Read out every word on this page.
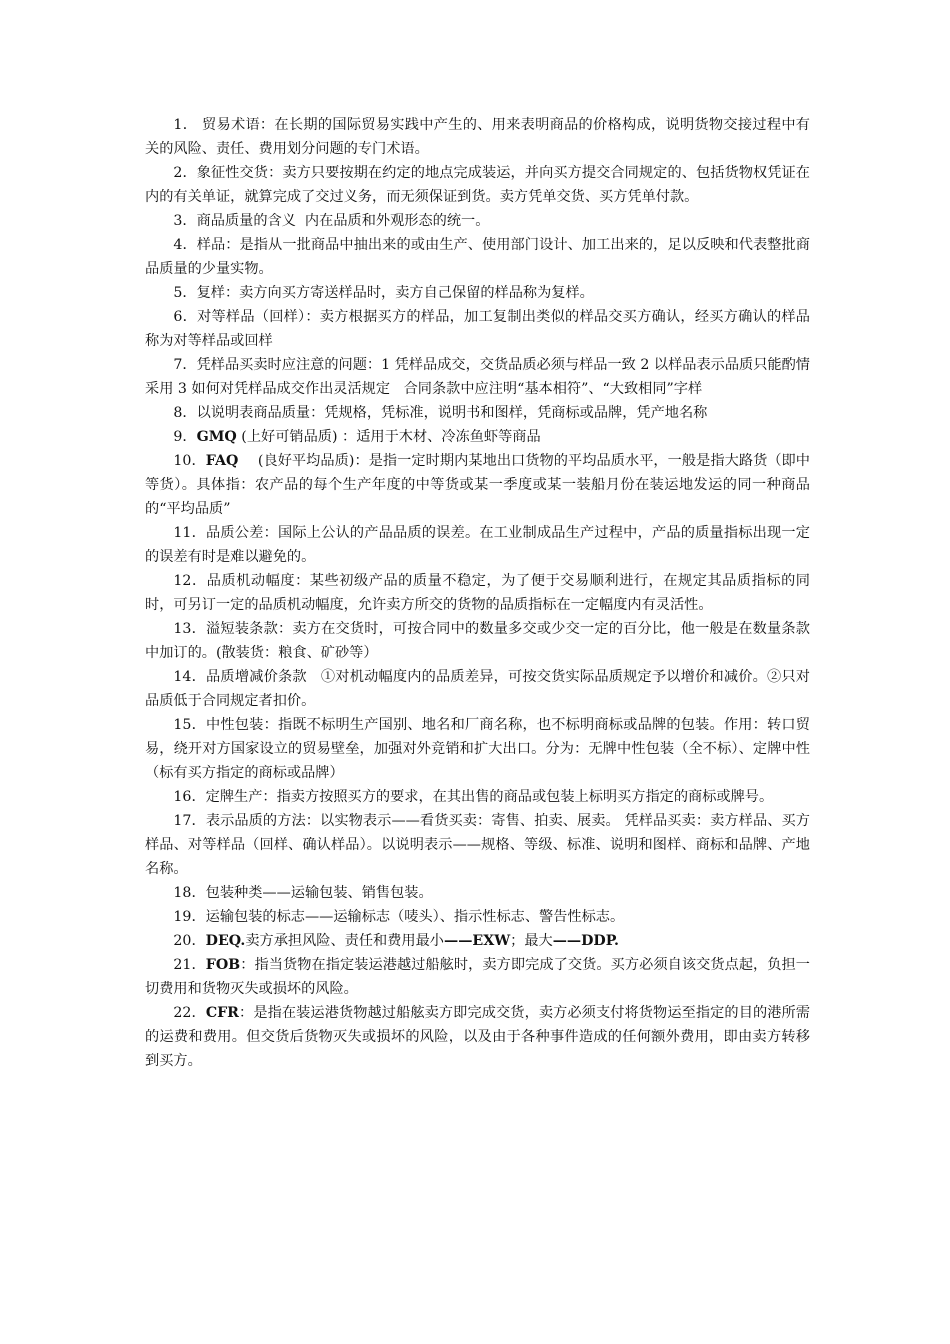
1． 贸易术语：在长期的国际贸易实践中产生的、用来表明商品的价格构成，说明货物交接过程中有关的风险、责任、费用划分问题的专门术语。

2．象征性交货：卖方只要按期在约定的地点完成装运，并向买方提交合同规定的、包括货物权凭证在内的有关单证，就算完成了交过义务，而无须保证到货。卖方凭单交货、买方凭单付款。

3．商品质量的含义  内在品质和外观形态的统一。

4．样品：是指从一批商品中抽出来的或由生产、使用部门设计、加工出来的，足以反映和代表整批商品质量的少量实物。

5．复样：卖方向买方寄送样品时，卖方自己保留的样品称为复样。

6．对等样品（回样）：卖方根据买方的样品，加工复制出类似的样品交买方确认，经买方确认的样品称为对等样品或回样

7．凭样品买卖时应注意的问题：1 凭样品成交，交货品质必须与样品一致 2 以样品表示品质只能酌情采用 3 如何对凭样品成交作出灵活规定   合同条款中应注明“基本相符”、“大致相同”字样

8．以说明表商品质量：凭规格，凭标准，说明书和图样，凭商标或品牌，凭产地名称

9．GMQ (上好可销品质) ：适用于木材、冷冻鱼虾等商品

10．FAQ    (良好平均品质)：是指一定时期内某地出口货物的平均品质水平，一般是指大路货（即中等货）。具体指：农产品的每个生产年度的中等货或某一季度或某一装船月份在装运地发运的同一种商品的“平均品质”

11．品质公差：国际上公认的产品品质的误差。在工业制成品生产过程中，产品的质量指标出现一定的误差有时是难以避免的。

12．品质机动幅度：某些初级产品的质量不稳定，为了便于交易顺利进行，在规定其品质指标的同时，可另订一定的品质机动幅度，允许卖方所交的货物的品质指标在一定幅度内有灵活性。

13．溢短装条款：卖方在交货时，可按合同中的数量多交或少交一定的百分比，他一般是在数量条款中加订的。(散装货：粮食、矿砂等）

14．品质增减价条款   ①对机动幅度内的品质差异，可按交货实际品质规定予以增价和减价。②只对品质低于合同规定者扣价。

15．中性包装：指既不标明生产国别、地名和厂商名称，也不标明商标或品牌的包装。作用：转口贸易，绕开对方国家设立的贸易壁垒，加强对外竞销和扩大出口。分为：无牌中性包装（全不标）、定牌中性（标有买方指定的商标或品牌）

16．定牌生产：指卖方按照买方的要求，在其出售的商品或包装上标明买方指定的商标或牌号。

17．表示品质的方法：以实物表示——看货买卖：寄售、拍卖、展卖。 凭样品买卖：卖方样品、买方样品、对等样品（回样、确认样品）。以说明表示——规格、等级、标准、说明和图样、商标和品牌、产地名称。

18．包装种类——运输包装、销售包装。

19．运输包装的标志——运输标志（唛头）、指示性标志、警告性标志。

20．DEQ.卖方承担风险、责任和费用最小——EXW；最大——DDP.

21．FOB：指当货物在指定装运港越过船舷时，卖方即完成了交货。买方必须自该交货点起，负担一切费用和货物灭失或损坏的风险。

22．CFR：是指在装运港货物越过船舷卖方即完成交货，卖方必须支付将货物运至指定的目的港所需的运费和费用。但交货后货物灭失或损坏的风险，以及由于各种事件造成的任何额外费用，即由卖方转移到买方。
